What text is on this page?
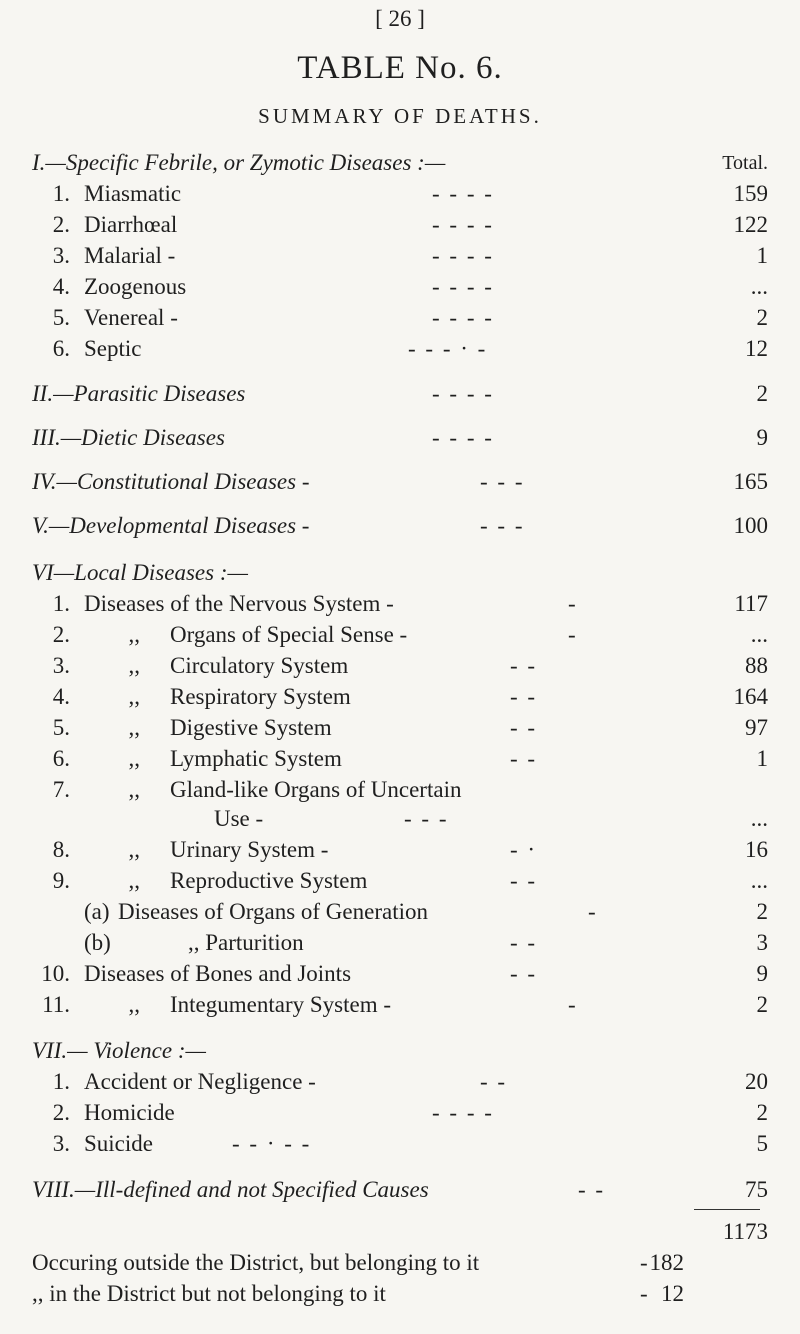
[ 26 ]
TABLE No. 6.
SUMMARY OF DEATHS.
I.—Specific Febrile, or Zymotic Diseases :—	Total.
1. Miasmatic	- - - -	159
2. Diarrhœal	- - - -	122
3. Malarial -	- - - -	1
4. Zoogenous	- - - -	...
5. Venereal -	- - - -	2
6. Septic	- - - · -	12
II.—Parasitic Diseases	- - - -	2
III.—Dietic Diseases	- - - -	9
IV.—Constitutional Diseases -	- - -	165
V.—Developmental Diseases -	- - -	100
VI—Local Diseases :—
1. Diseases of the Nervous System -	-	117
2.	,, Organs of Special Sense -	-	...
3.	,, Circulatory System	- -	88
4.	,, Respiratory System	- -	164
5.	,, Digestive System	- -	97
6.	,, Lymphatic System	- -	1
7.	,, Gland-like Organs of Uncertain
Use -	- - -	...
8.	,, Urinary System -	- ·	16
9.	,, Reproductive System	- -	...
(a) Diseases of Organs of Generation	-	2
(b)	,, Parturition	- -	3
10. Diseases of Bones and Joints	- -	9
11.	,, Integumentary System -	-	2
VII.— Violence :—
1. Accident or Negligence -	- -	20
2. Homicide	- - - -	2
3. Suicide	- - · - -	5
VIII.—Ill-defined and not Specified Causes	- -	75
1173
Occuring outside the District, but belonging to it	- 182
,, in the District but not belonging to it	- 12
